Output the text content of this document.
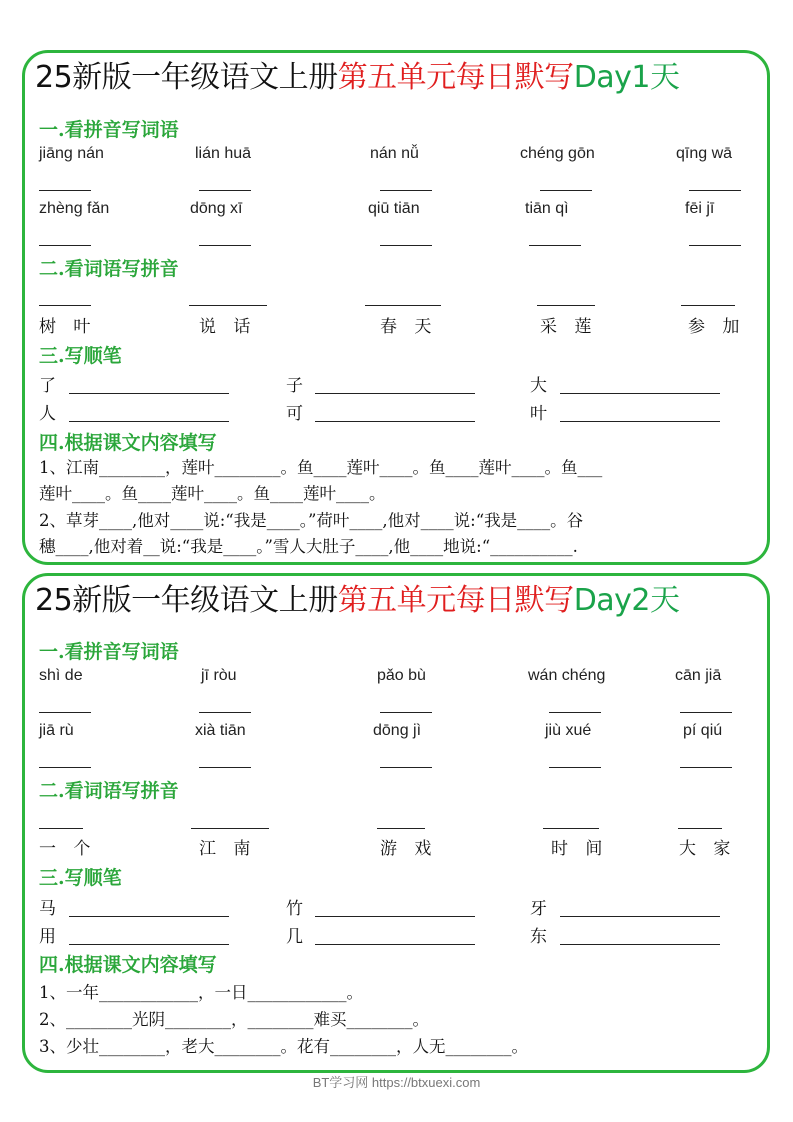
25新版一年级语文上册第五单元每日默写Day1天
一.看拼音写词语
jiāng nán	lián huā	nán nǚ	chéng gōn	qīng wā
zhèng fǎn	dōng xī	qiū tiān	tiān qì	fēi jī
二.看词语写拼音
树 叶	说 话	春 天	采 莲	参 加
三.写顺笔
了	子	大
人	可	叶
四.根据课文内容填写
1、江南________，莲叶________。鱼____莲叶____。鱼____莲叶____。鱼___
莲叶____。鱼____莲叶____。鱼____莲叶____。
2、草芽____,他对____说:“我是____。”荷叶____,他对____说:“我是____。谷
穗____,他对着__说:“我是____。”雪人大肚子____,他____地说:“__________.
25新版一年级语文上册第五单元每日默写Day2天
一.看拼音写词语
shì de	jī ròu	pǎo bù	wán chéng	cān jiā
jiā rù	xià tiān	dōng jì	jiù xué	pí qiú
二.看词语写拼音
一 个	江 南	游 戏	时 间	大 家
三.写顺笔
马	竹	牙
用	几	东
四.根据课文内容填写
1、一年____________，一日____________。
2、________光阴________，________难买________。
3、少壮________，老大________。花有________，人无________。
BT学习网 https://btxuexi.com
